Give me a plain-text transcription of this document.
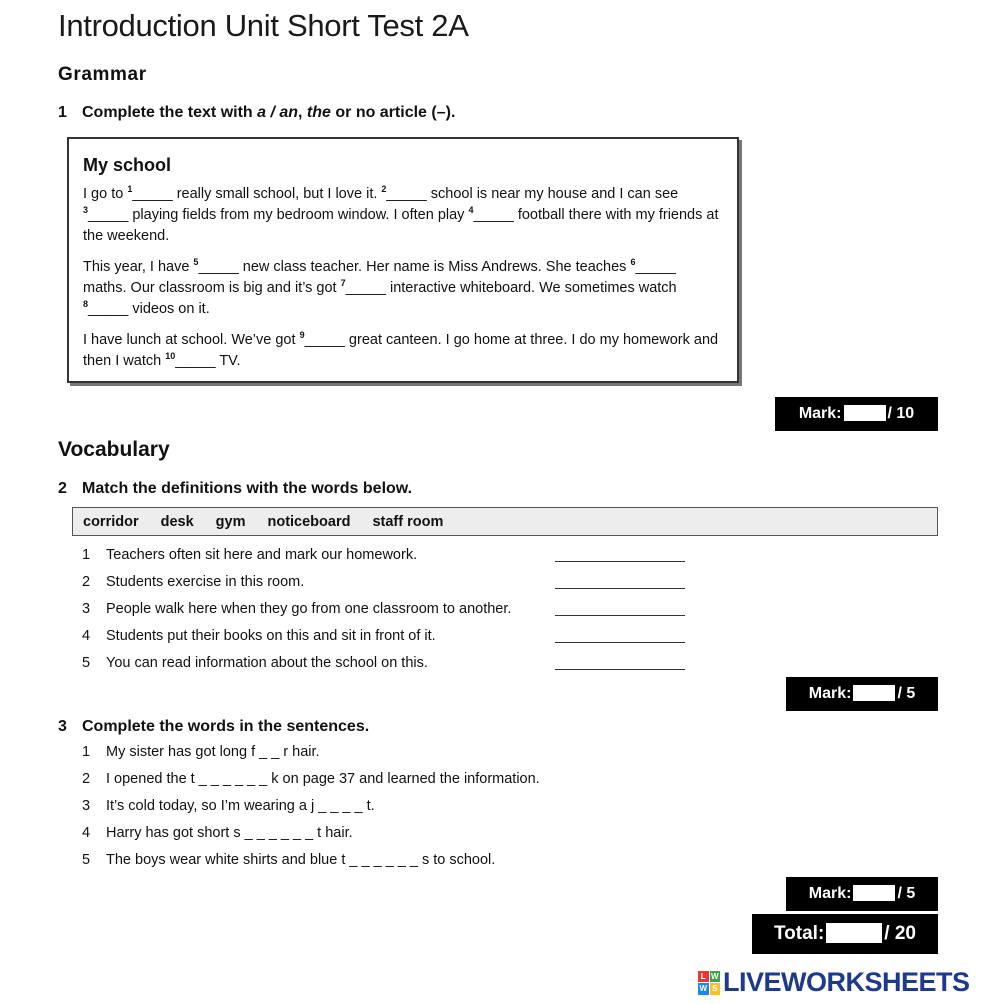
Introduction Unit Short Test 2A
Grammar
1 Complete the text with a / an, the or no article (–).
My school

I go to $^1$_____ really small school, but I love it. $^2$_____ school is near my house and I can see $^3$_____ playing fields from my bedroom window. I often play $^4$_____ football there with my friends at the weekend.

This year, I have $^5$_____ new class teacher. Her name is Miss Andrews. She teaches $^6$_____ maths. Our classroom is big and it’s got $^7$_____ interactive whiteboard. We sometimes watch $^8$_____ videos on it.

I have lunch at school. We’ve got $^9$_____ great canteen. I go home at three. I do my homework and then I watch $^{10}$_____ TV.

Mark:	/ 10
Vocabulary
2 Match the definitions with the words below.
corridor desk gym noticeboard staff room
1 Teachers often sit here and mark our homework.
2 Students exercise in this room.
3 People walk here when they go from one classroom to another.
4 Students put their books on this and sit in front of it.
5 You can read information about the school on this.
Mark:	/ 5
3 Complete the words in the sentences.
1 My sister has got long f _ _ r hair.
2 I opened the t _ _ _ _ _ _ k on page 37 and learned the information.
3 It’s cold today, so I’m wearing a j _ _ _ _ t.
4 Harry has got short s _ _ _ _ _ _ t hair.
5 The boys wear white shirts and blue t _ _ _ _ _ _ s to school.
Mark:	/ 5
Total:	/ 20
L W
W S LIVEWORKSHEETS
